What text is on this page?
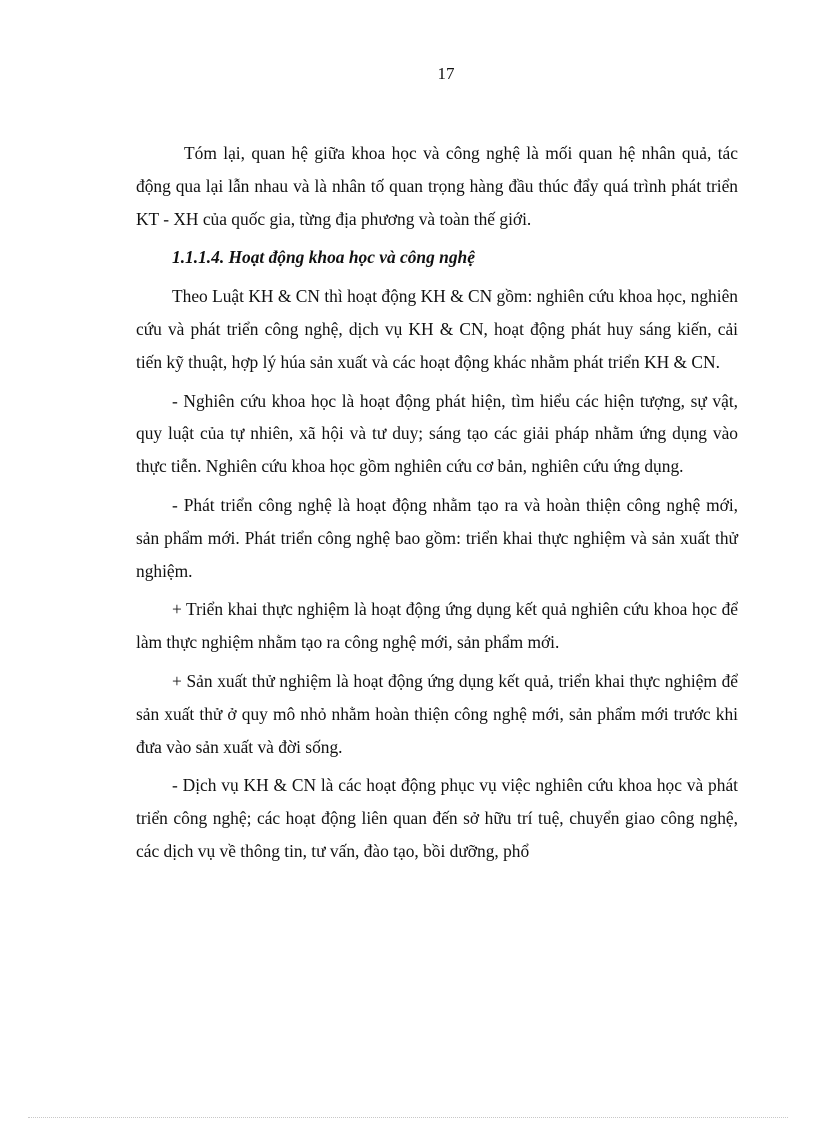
17

Tóm lại, quan hệ giữa khoa học và công nghệ là mối quan hệ nhân quả, tác động qua lại lẫn nhau và là nhân tố quan trọng hàng đầu thúc đẩy quá trình phát triển KT - XH của quốc gia, từng địa phương và toàn thế giới.

1.1.1.4. Hoạt động khoa học và công nghệ

Theo Luật KH & CN thì hoạt động KH & CN gồm: nghiên cứu khoa học, nghiên cứu và phát triển công nghệ, dịch vụ KH & CN, hoạt động phát huy sáng kiến, cải tiến kỹ thuật, hợp lý húa sản xuất và các hoạt động khác nhằm phát triển KH & CN.

- Nghiên cứu khoa học là hoạt động phát hiện, tìm hiểu các hiện tượng, sự vật, quy luật của tự nhiên, xã hội và tư duy; sáng tạo các giải pháp nhằm ứng dụng vào thực tiễn. Nghiên cứu khoa học gồm nghiên cứu cơ bản, nghiên cứu ứng dụng.

- Phát triển công nghệ là hoạt động nhằm tạo ra và hoàn thiện công nghệ mới, sản phẩm mới. Phát triển công nghệ bao gồm: triển khai thực nghiệm và sản xuất thử nghiệm.

+ Triển khai thực nghiệm là hoạt động ứng dụng kết quả nghiên cứu khoa học để làm thực nghiệm nhằm tạo ra công nghệ mới, sản phẩm mới.

+ Sản xuất thử nghiệm là hoạt động ứng dụng kết quả, triển khai thực nghiệm để sản xuất thử ở quy mô nhỏ nhằm hoàn thiện công nghệ mới, sản phẩm mới trước khi đưa vào sản xuất và đời sống.

- Dịch vụ KH & CN là các hoạt động phục vụ việc nghiên cứu khoa học và phát triển công nghệ; các hoạt động liên quan đến sở hữu trí tuệ, chuyển giao công nghệ, các dịch vụ về thông tin, tư vấn, đào tạo, bồi dưỡng, phổ
